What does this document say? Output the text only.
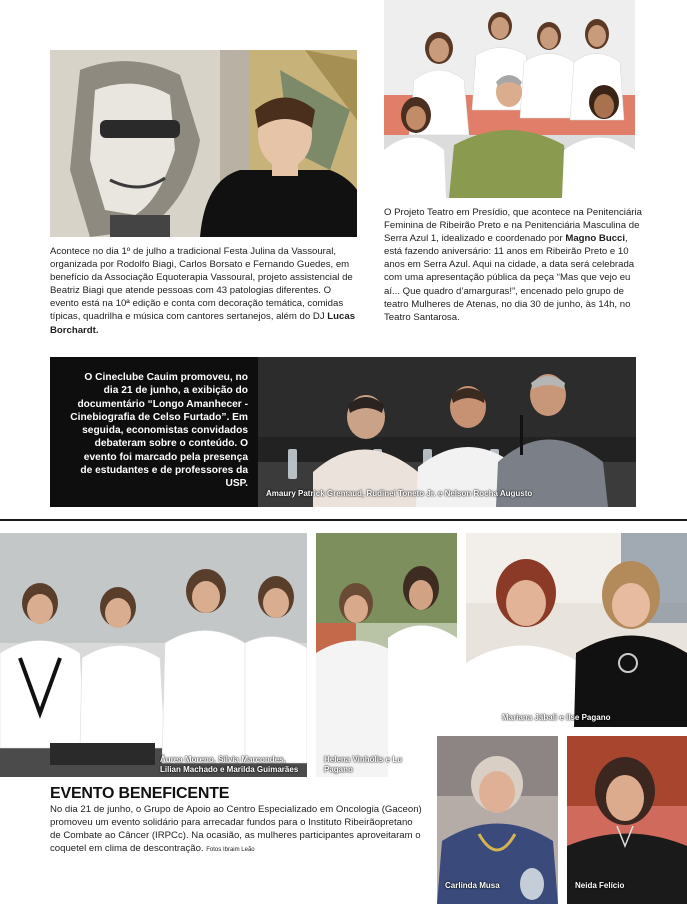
Acontece no dia 1º de julho a tradicional Festa Julina da Vassoural, organizada por Rodolfo Biagi, Carlos Borsato e Fernando Guedes, em benefício da Associação Equoterapia Vassoural, projeto assistencial de Beatriz Biagi que atende pessoas com 43 patologias diferentes. O evento está na 10ª edição e conta com decoração temática, comidas típicas, quadrilha e música com cantores sertanejos, além do DJ Lucas Borchardt.
O Projeto Teatro em Presídio, que acontece na Penitenciária Feminina de Ribeirão Preto e na Penitenciária Masculina de Serra Azul 1, idealizado e coordenado por Magno Bucci, está fazendo aniversário: 11 anos em Ribeirão Preto e 10 anos em Serra Azul. Aqui na cidade, a data será celebrada com uma apresentação pública da peça “Mas que vejo eu aí... Que quadro d’amarguras!”, encenado pelo grupo de teatro Mulheres de Atenas, no dia 30 de junho, às 14h, no Teatro Santarosa.
O Cineclube Cauim promoveu, no dia 21 de junho, a exibição do documentário “Longo Amanhecer - Cinebiografia de Celso Furtado”. Em seguida, economistas convidados debateram sobre o conteúdo. O evento foi marcado pela presença de estudantes e de professores da USP.
Amaury Patrick Gremaud, Rudinei Toneto Jr. e Nelson Rocha Augusto
Áurea Moreno, Silvia Marcondes, Lilian Machado e Marilda Guimarães
Helena Vinhólis e Lu Pagano
Mariana Jábali e Ilse Pagano
Carlinda Musa	Neida Felício
EVENTO BENEFICENTE
No dia 21 de junho, o Grupo de Apoio ao Centro Especializado em Oncologia (Gaceon) promoveu um evento solidário para arrecadar fundos para o Instituto Ribeirãopretano de Combate ao Câncer (IRPCc). Na ocasião, as mulheres participantes aproveitaram o coquetel em clima de descontração. Fotos Ibraim Leão
